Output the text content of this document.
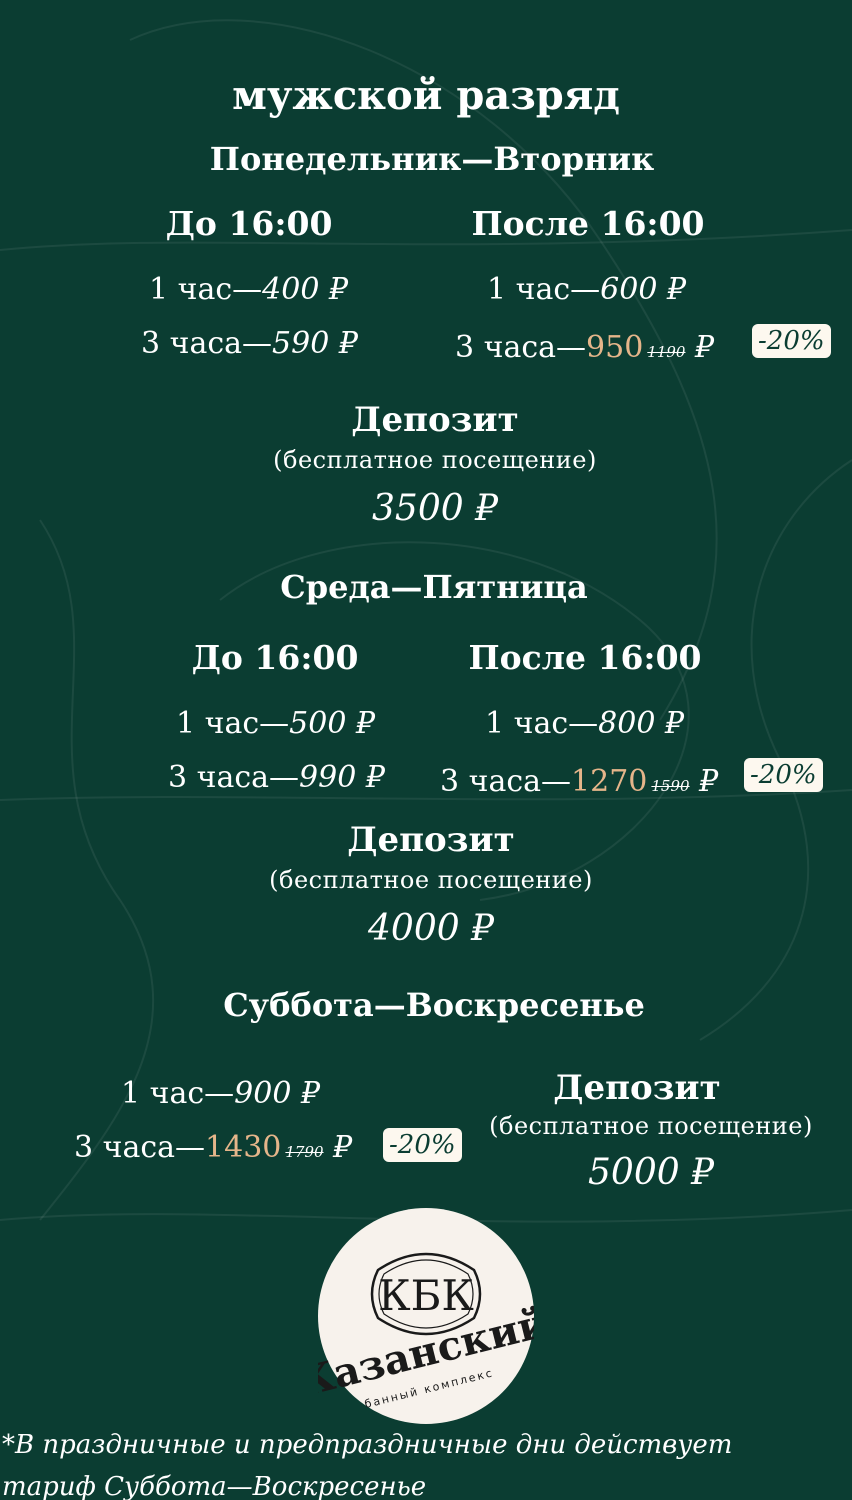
мужской разряд
Понедельник—Вторник
До 16:00	После 16:00
1 час—400 ₽
3 часа—590 ₽
1 час—600 ₽
3 часа—950 1190 ₽ -20%
Депозит
(бесплатное посещение)
3500 ₽
Среда—Пятница
До 16:00	После 16:00
1 час—500 ₽
3 часа—990 ₽
1 час—800 ₽
3 часа—1270 1590 ₽ -20%
Депозит
(бесплатное посещение)
4000 ₽
Суббота—Воскресенье
1 час—900 ₽
3 часа—1430 1790 ₽ -20%
Депозит
(бесплатное посещение)
5000 ₽
КБК
Казанский
банный комплекс
*В праздничные и предпраздничные дни действует
тариф Суббота—Воскресенье
